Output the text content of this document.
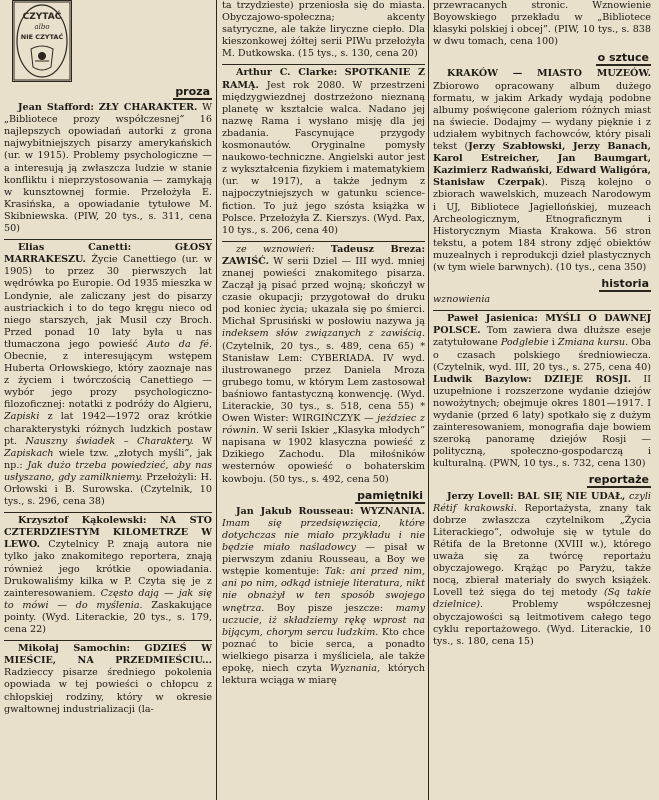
CZYTAĆ
albo
NIE CZYTAĆ
proza

Jean Stafford: ZŁY CHARAKTER. W „Bibliotece prozy współczesnej” 16 najlepszych opowiadań autorki z grona najwybitniejszych pisarzy amerykańskich (ur. w 1915). Problemy psychologiczne — a interesują ją zwłaszcza ludzie w stanie konfliktu i nieprzystosowania — zamykają w kunsztownej formie. Przełożyła E. Krasińska, a opowiadanie tytułowe M. Skibniewska. (PIW, 20 tys., s. 311, cena 50)

Elias Canetti:	GŁOSY MARRAKESZU. Życie Canettiego (ur. w 1905) to przez 30 pierwszych lat wędrówka po Europie. Od 1935 mieszka w Londynie, ale zaliczany jest do pisarzy austriackich i to do tego kręgu nieco od niego starszych, jak Musil czy Broch. Przed ponad 10 laty była u nas tłumaczona jego powieść Auto da fé. Obecnie, z interesującym wstępem Huberta Orłowskiego, który zaoznaje nas z życiem i twórczością Canettiego — wybór jego prozy psychologiczno-filozoficznej: notatki z podróży do Algieru, Zapiski z lat 1942—1972 oraz krótkie charakterystyki różnych ludzkich postaw pt. Nauszny świadek – Charaktery. W Zapiskach wiele tzw. „złotych myśli”, jak np.: Jak dużo trzeba powiedzieć, aby nas usłyszano, gdy zamilkniemy. Przełożyli: H. Orłowski i B. Surowska. (Czytelnik, 10 tys., s. 296, cena 38)

Krzysztof Kąkolewski: NA STO CZTERDZIESTYM KILOMETRZE W LEWO. Czytelnicy P. znają autora nie tylko jako znakomitego reportera, znają również jego krótkie opowiadania. Drukowaliśmy kilka w P. Czyta się je z zainteresowaniem. Często dają — jak się to mówi — do myślenia. Zaskakujące pointy. (Wyd. Literackie, 20 tys., s. 179, cena 22)

Mikołaj Samochin: GDZIEŚ W MIEŚCIE, NA PRZEDMIEŚCIU... Radzieccy pisarze średniego pokolenia opowiada w tej powieści o chłopcu z chłopskiej rodziny, który w okresie gwałtownej industrializacji (la-

ta trzydzieste) przeniosła się do miasta. Obyczajowo-społeczna; akcenty satyryczne, ale także liryczne ciepło. Dla kieszonkowej żółtej serii PIWu przełożyła M. Dutkowska. (15 tys., s. 130, cena 20)

Arthur C. Clarke: SPOTKANIE Z RAMĄ. Jest rok 2080. W przestrzeni międzygwiezdnej dostrzeżono nieznaną planetę w kształcie walca. Nadano jej nazwę Rama i wysłano misję dla jej zbadania. Fascynujące przygody kosmonautów. Oryginalne pomysły naukowo-techniczne. Angielski autor jest z wykształcenia fizykiem i matematykiem (ur. w 1917), a także jednym z najpoczytniejszych w gatunku science-fiction. To już jego szósta książka w Polsce. Przełożyła Z. Kierszys. (Wyd. Pax, 10 tys., s. 206, cena 40)

ze wznowień: Tadeusz Breza: ZAWIŚĆ. W serii Dziel — III wyd. mniej znanej powieści znakomitego pisarza. Zaczął ją pisać przed wojną; skończył w czasie okupacji; przygotował do druku pod koniec życia; ukazała się po śmierci. Michał Sprusiński w posłowiu nazywa ją indeksem słów związanych z zawiścią. (Czytelnik, 20 tys., s. 489, cena 65) * Stanisław Lem: CYBERIADA. IV wyd. ilustrowanego przez Daniela Mroza grubego tomu, w którym Lem zastosował baśniowo fantastyczną konwencję. (Wyd. Literackie, 30 tys., s. 518, cena 55) * Owen Wister: WIRGIŃCZYK — jeździec z równin. W serii Iskier „Klasyka młodych” napisana w 1902 klasyczna powieść z Dzikiego Zachodu. Dla miłośników westernów opowieść o bohaterskim kowboju. (50 tys., s. 492, cena 50)

pamiętniki

Jan Jakub Rousseau: WYZNANIA. Imam się przedsięwzięcia, które dotychczas nie miało przykładu i nie będzie miało naśladowcy — pisał w pierwszym zdaniu Rousseau, a Boy we wstępie komentuje: Tak: ani przed nim, ani po nim, odkąd istnieje literatura, nikt nie obnażył w ten sposób swojego wnętrza. Boy pisze jeszcze: mamy uczucie, iż składziemy rękę wprost na bijącym, chorym sercu ludzkim. Kto chce poznać to bicie serca, a ponadto wielkiego pisarza i myśliciela, ale także epokę, niech czyta Wyznania, których lektura wciąga w miarę

przewracanych stronic. Wznowienie Boyowskiego przekładu w „Bibliotece klasyki polskiej i obcej”. (PIW, 10 tys., s. 838 w dwu tomach, cena 100)

o sztuce

KRAKÓW — MIASTO MUZEÓW. Zbiorowo opracowany album dużego formatu, w jakim Arkady wydają podobne albumy poświęcone galeriom różnych miast na świecie. Dodajmy — wydany pięknie i z udziałem wybitnych fachowców, który pisali tekst (Jerzy Szabłowski, Jerzy Banach, Karol Estreicher, Jan Baumgart, Kazimierz Radwański, Edward Waligóra, Stanisław Czerpak). Piszą kolejno o zbiorach wawelskich, muzeach Narodowym i UJ, Bibliotece Jagiellońskiej, muzeach Archeologicznym, Etnograficznym i Historycznym Miasta Krakowa. 56 stron tekstu, a potem 184 strony zdjęć obiektów muzealnych i reprodukcji dzieł plastycznych (w tym wiele barwnych). (10 tys., cena 350)

historia

wznowienia

Paweł Jasienica: MYŚLI O DAWNEJ POLSCE. Tom zawiera dwa dłuższe eseje zatytułowane Podglebie i Zmiana kursu. Oba o czasach polskiego średniowiecza. (Czytelnik, wyd. III, 20 tys., s. 275, cena 40) Ludwik Bazylow: DZIEJE ROSJI. II uzupełnione i rozszerzone wydanie dziejów nowożytnych; obejmuje okres 1801—1917. I wydanie (przed 6 laty) spotkało się z dużym zainteresowaniem, monografia daje bowiem szeroką panoramę dziejów Rosji — polityczną, społeczno-gospodarczą i kulturalną. (PWN, 10 tys., s. 732, cena 130)

reportaże

Jerzy Lovell: BAL SIĘ NIE UDAŁ, czyli Rétif krakowski. Reportażysta, znany tak dobrze zwłaszcza czytelnikom „Życia Literackiego”, odwołuje się w tytule do Rétifa de la Bretonne (XVIII w.), którego uważa się za twórcę reportażu obyczajowego. Krążąc po Paryżu, także nocą, zbierał materiały do swych książek. Lovell też sięga do tej metody (Są takie dzielnice).	Problemy współczesnej obyczajowości są leitmotivem całego tego cyklu reportażowego. (Wyd. Literackie, 10 tys., s. 180, cena 15)
